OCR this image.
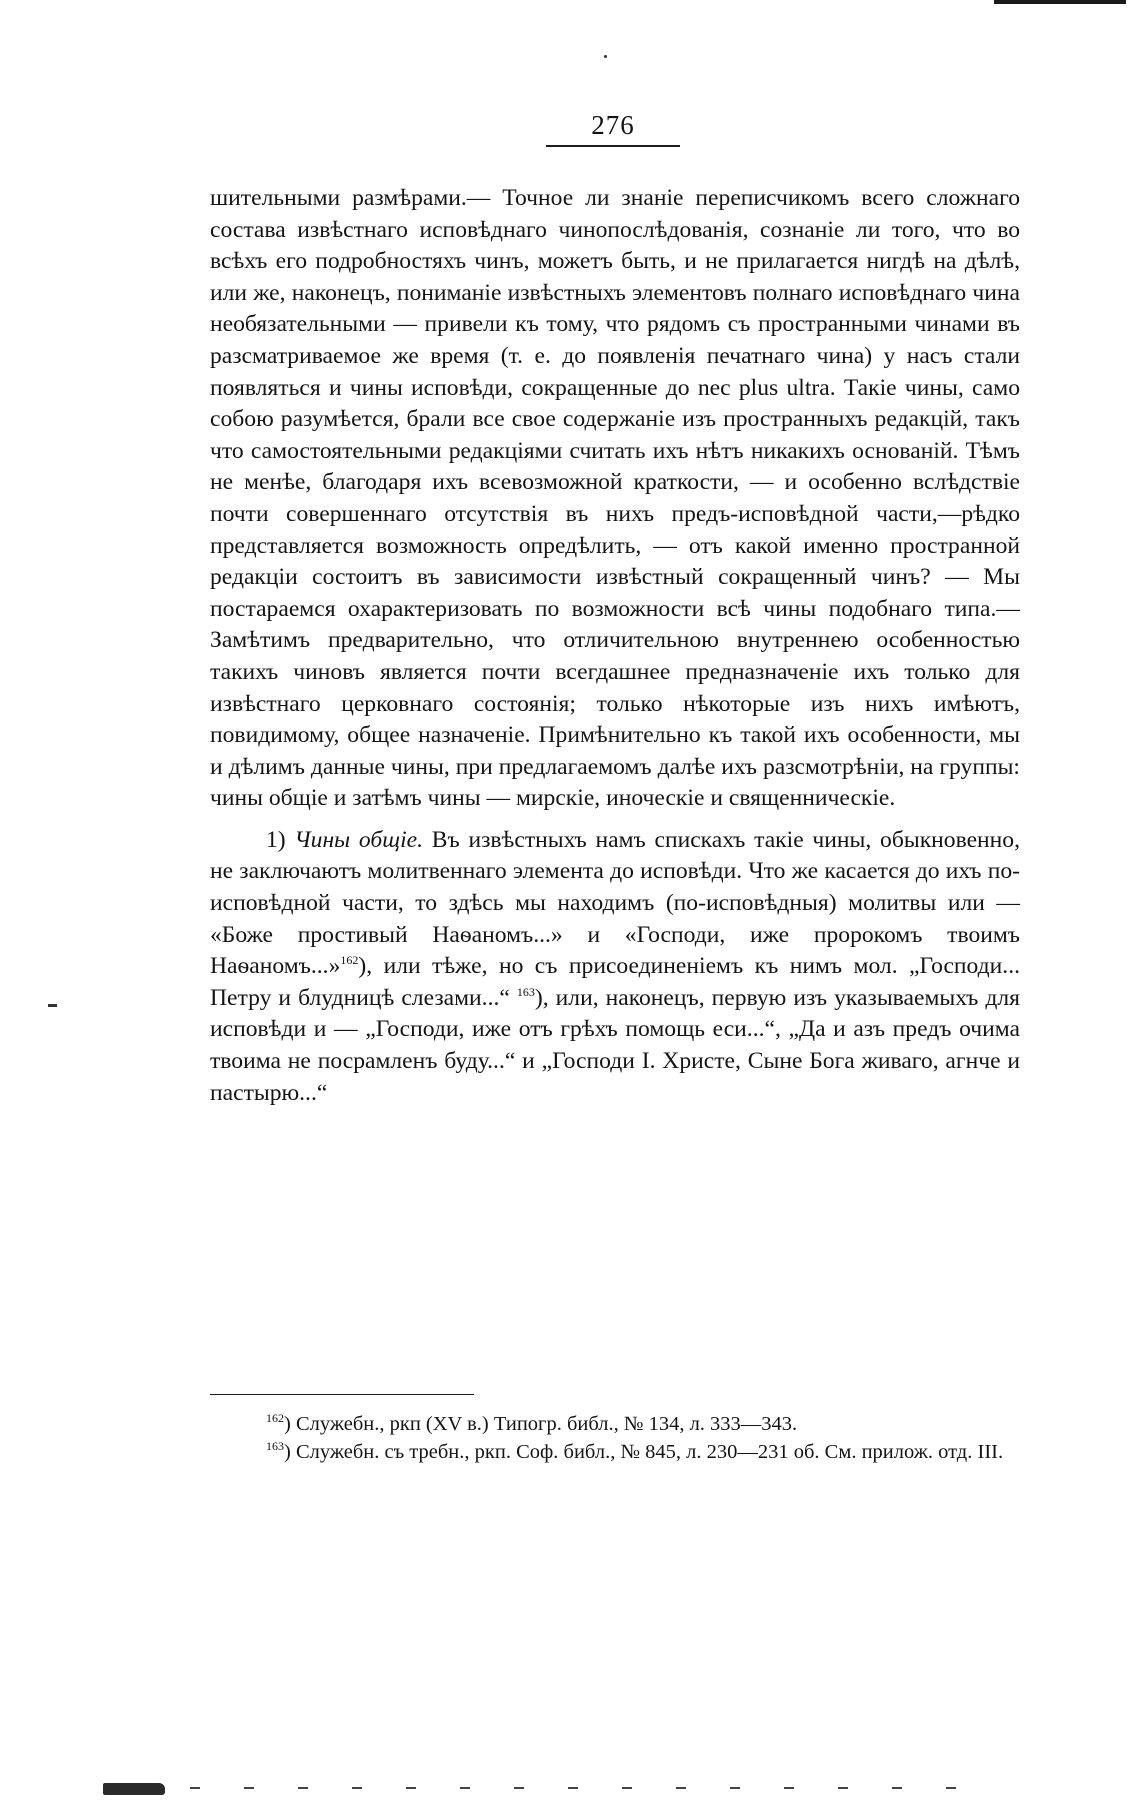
276

шительными размѣрами.— Точное ли знаніе переписчикомъ всего сложнаго состава извѣстнаго исповѣднаго чинопослѣдованія, сознаніе ли того, что во всѣхъ его подробностяхъ чинъ, можетъ быть, и не прилагается нигдѣ на дѣлѣ, или же, наконецъ, пониманіе извѣстныхъ элементовъ полнаго исповѣднаго чина необязательными — привели къ тому, что рядомъ съ пространными чинами въ разсматриваемое же время (т. е. до появленія печатнаго чина) у насъ стали появляться и чины исповѣди, сокращенные до nec plus ultra. Такіе чины, само собою разумѣется, брали все свое содержаніе изъ пространныхъ редакцій, такъ что самостоятельными редакціями считать ихъ нѣтъ никакихъ основаній. Тѣмъ не менѣе, благодаря ихъ всевозможной краткости, — и особенно вслѣдствіе почти совершеннаго отсутствія въ нихъ предъ-исповѣдной части,—рѣдко представляется возможность опредѣлить, — отъ какой именно пространной редакціи состоитъ въ зависимости извѣстный сокращенный чинъ? — Мы постараемся охарактеризовать по возможности всѣ чины подобнаго типа.—Замѣтимъ предварительно, что отличительною внутреннею особенностью такихъ чиновъ является почти всегдашнее предназначеніе ихъ только для извѣстнаго церковнаго состоянія; только нѣкоторые изъ нихъ имѣютъ, повидимому, общее назначеніе. Примѣнительно къ такой ихъ особенности, мы и дѣлимъ данные чины, при предлагаемомъ далѣе ихъ разсмотрѣніи, на группы: чины общіе и затѣмъ чины — мирскіе, иноческіе и священническіе.

1) Чины общіе. Въ извѣстныхъ намъ спискахъ такіе чины, обыкновенно, не заключаютъ молитвеннаго элемента до исповѣди. Что же касается до ихъ по-исповѣдной части, то здѣсь мы находимъ (по-исповѣдныя) молитвы или — «Боже простивый Наѳаномъ...» и «Господи, иже пророкомъ твоимъ Наѳаномъ...»$^{162}$), или тѣже, но съ присоединеніемъ къ нимъ мол. „Господи... Петру и блудницѣ слезами...“ $^{163}$), или, наконецъ, первую изъ указываемыхъ для исповѣди и — „Господи, иже отъ грѣхъ помощь еси...“, „Да и азъ предъ очима твоима не посрамленъ буду...“ и „Господи І. Христе, Сыне Бога живаго, агнче и пастырю...“

$^{162}$) Служебн., ркп (XV в.) Типогр. библ., № 134, л. 333—343.

$^{163}$) Служебн. съ требн., ркп. Соф. библ., № 845, л. 230—231 об. См. прилож. отд. III.
